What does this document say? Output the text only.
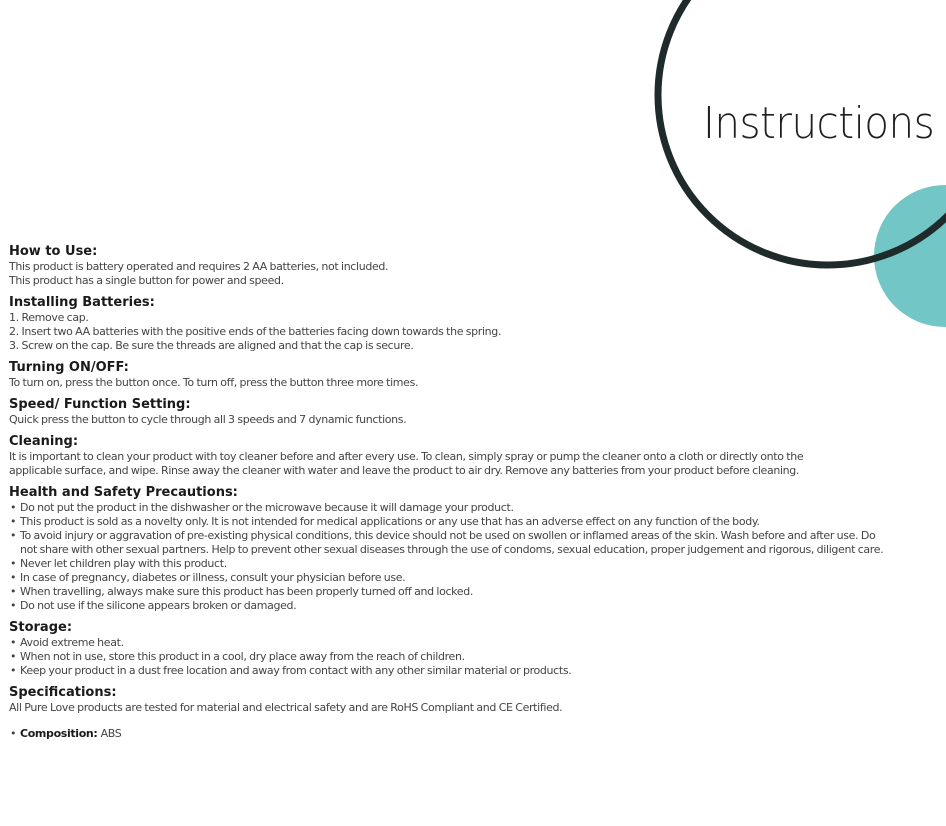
Instructions

How to Use:

This product is battery operated and requires 2 AA batteries, not included.

This product has a single button for power and speed.

Installing Batteries:

1. Remove cap.

2. Insert two AA batteries with the positive ends of the batteries facing down towards the spring.

3. Screw on the cap. Be sure the threads are aligned and that the cap is secure.

Turning ON/OFF:

To turn on, press the button once. To turn off, press the button three more times.

Speed/ Function Setting:

Quick press the button to cycle through all 3 speeds and 7 dynamic functions.

Cleaning:

It is important to clean your product with toy cleaner before and after every use. To clean, simply spray or pump the cleaner onto a cloth or directly onto the

applicable surface, and wipe. Rinse away the cleaner with water and leave the product to air dry. Remove any batteries from your product before cleaning.

Health and Safety Precautions:

• Do not put the product in the dishwasher or the microwave because it will damage your product.
• This product is sold as a novelty only. It is not intended for medical applications or any use that has an adverse effect on any function of the body.
• To avoid injury or aggravation of pre-existing physical conditions, this device should not be used on swollen or inflamed areas of the skin. Wash before and after use. Do not share with other sexual partners. Help to prevent other sexual diseases through the use of condoms, sexual education, proper judgement and rigorous, diligent care.
• Never let children play with this product.
• In case of pregnancy, diabetes or illness, consult your physician before use.
• When travelling, always make sure this product has been properly turned off and locked.
• Do not use if the silicone appears broken or damaged.

Storage:

• Avoid extreme heat.
• When not in use, store this product in a cool, dry place away from the reach of children.
• Keep your product in a dust free location and away from contact with any other similar material or products.

Specifications:

All Pure Love products are tested for material and electrical safety and are RoHS Compliant and CE Certified.

• Composition: ABS
